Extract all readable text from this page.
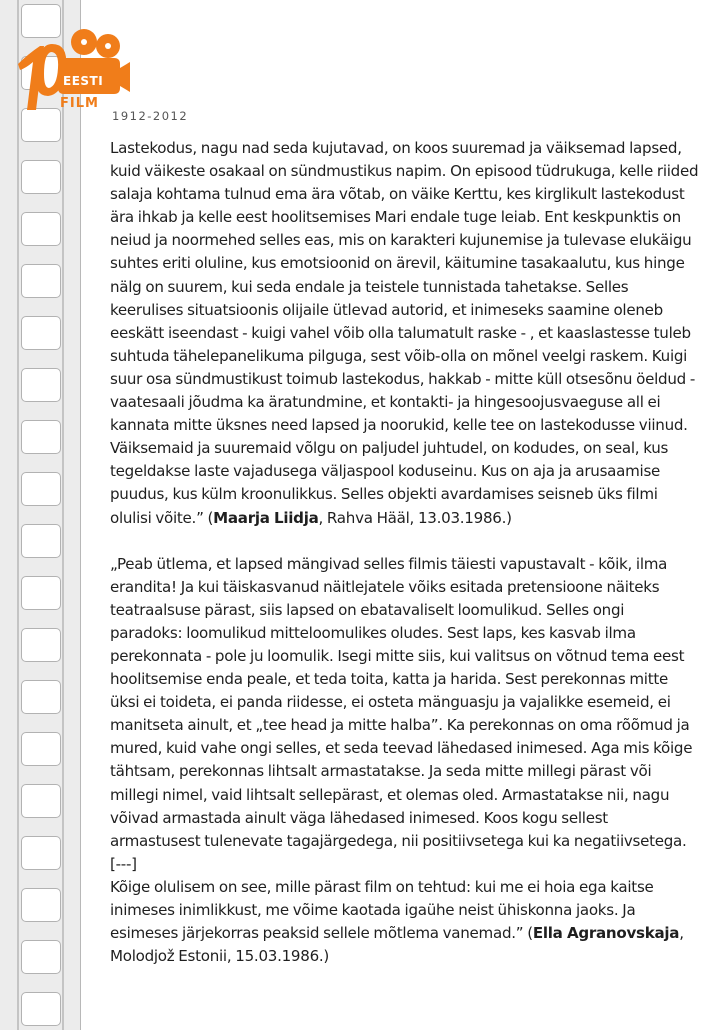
EESTI
FILM
1912-2012

Lastekodus, nagu nad seda kujutavad, on koos suuremad ja väiksemad lapsed, kuid väikeste osakaal on sündmustikus napim. On episood tüdrukuga, kelle riided salaja kohtama tulnud ema ära võtab, on väike Kerttu, kes kirglikult lastekodust ära ihkab ja kelle eest hoolitsemises Mari endale tuge leiab. Ent keskpunktis on neiud ja noormehed selles eas, mis on karakteri kujunemise ja tulevase elukäigu suhtes eriti oluline, kus emotsioonid on ärevil, käitumine tasakaalutu, kus hinge nälg on suurem, kui seda endale ja teistele tunnistada tahetakse. Selles keerulises situatsioonis olijaile ütlevad autorid, et inimeseks saamine oleneb eeskätt iseendast - kuigi vahel võib olla talumatult raske - , et kaaslastesse tuleb suhtuda tähelepanelikuma pilguga, sest võib-olla on mõnel veelgi raskem. Kuigi suur osa sündmustikust toimub lastekodus, hakkab - mitte küll otsesõnu öeldud - vaatesaali jõudma ka äratundmine, et kontakti- ja hingesoojusvaeguse all ei kannata mitte üksnes need lapsed ja noorukid, kelle tee on lastekodusse viinud. Väiksemaid ja suuremaid võlgu on paljudel juhtudel, on kodudes, on seal, kus tegeldakse laste vajadusega väljaspool koduseinu. Kus on aja ja arusaamise puudus, kus külm kroonulikkus. Selles objekti avardamises seisneb üks filmi olulisi võite.” (Maarja Liidja, Rahva Hääl, 13.03.1986.)

„Peab ütlema, et lapsed mängivad selles filmis täiesti vapustavalt - kõik, ilma erandita! Ja kui täiskasvanud näitlejatele võiks esitada pretensioone näiteks teatraalsuse pärast, siis lapsed on ebatavaliselt loomulikud. Selles ongi paradoks: loomulikud mitteloomulikes oludes. Sest laps, kes kasvab ilma perekonnata - pole ju loomulik. Isegi mitte siis, kui valitsus on võtnud tema eest hoolitsemise enda peale, et teda toita, katta ja harida. Sest perekonnas mitte üksi ei toideta, ei panda riidesse, ei osteta mänguasju ja vajalikke esemeid, ei manitseta ainult, et „tee head ja mitte halba”. Ka perekonnas on oma rõõmud ja mured, kuid vahe ongi selles, et seda teevad lähedased inimesed. Aga mis kõige tähtsam, perekonnas lihtsalt armastatakse. Ja seda mitte millegi pärast või millegi nimel, vaid lihtsalt sellepärast, et olemas oled. Armastatakse nii, nagu võivad armastada ainult väga lähedased inimesed. Koos kogu sellest armastusest tulenevate tagajärgedega, nii positiivsetega kui ka negatiivsetega. [---]

Kõige olulisem on see, mille pärast film on tehtud: kui me ei hoia ega kaitse inimeses inimlikkust, me võime kaotada igaühe neist ühiskonna jaoks. Ja esimeses järjekorras peaksid sellele mõtlema vanemad.” (Ella Agranovskaja, Molodjož Estonii, 15.03.1986.)
